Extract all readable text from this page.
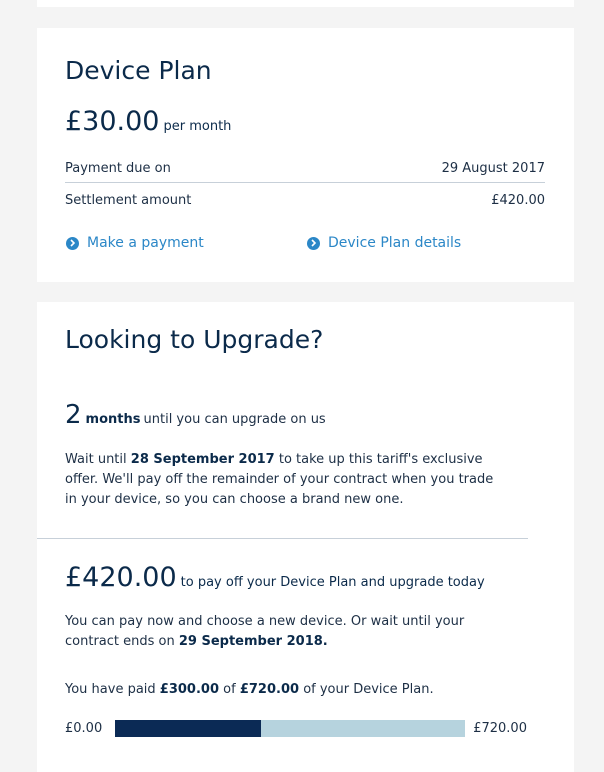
Device Plan
£30.00 per month
Payment due on	29 August 2017
Settlement amount	£420.00
Make a payment	Device Plan details
Looking to Upgrade?
2 months until you can upgrade on us

Wait until 28 September 2017 to take up this tariff's exclusive offer. We'll pay off the remainder of your contract when you trade in your device, so you can choose a brand new one.

£420.00 to pay off your Device Plan and upgrade today

You can pay now and choose a new device. Or wait until your contract ends on 29 September 2018.

You have paid £300.00 of £720.00 of your Device Plan.

£0.00	£720.00
